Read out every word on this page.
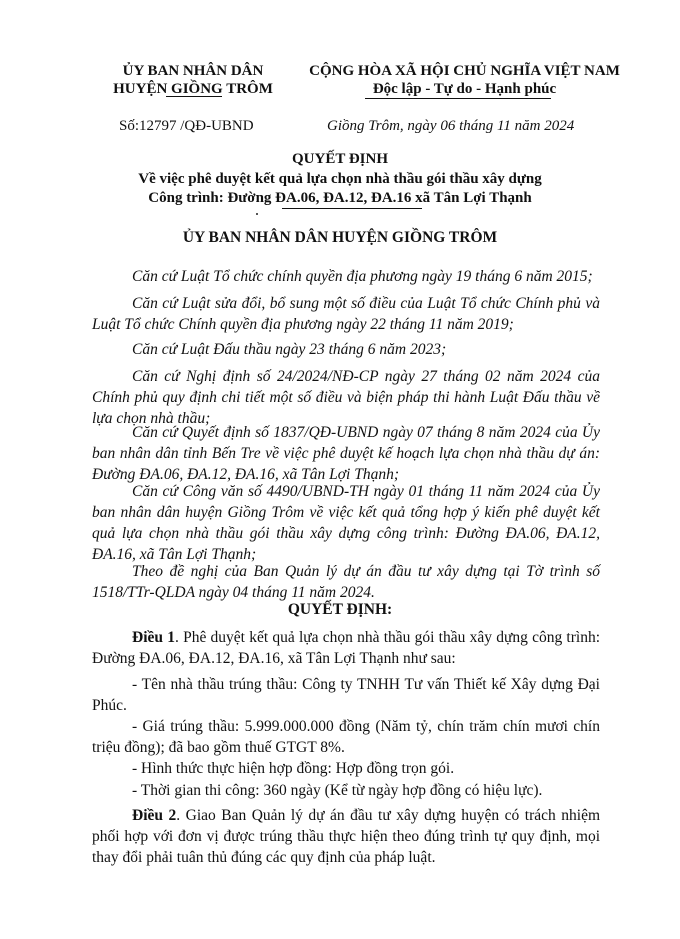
ỦY BAN NHÂN DÂN
HUYỆN GIỒNG TRÔM
CỘNG HÒA XÃ HỘI CHỦ NGHĨA VIỆT NAM
Độc lập - Tự do - Hạnh phúc
Số:12797 /QĐ-UBND	Giồng Trôm, ngày 06 tháng 11 năm 2024
QUYẾT ĐỊNH
Về việc phê duyệt kết quả lựa chọn nhà thầu gói thầu xây dựng
Công trình: Đường ĐA.06, ĐA.12, ĐA.16 xã Tân Lợi Thạnh
ỦY BAN NHÂN DÂN HUYỆN GIỒNG TRÔM
Căn cứ Luật Tổ chức chính quyền địa phương ngày 19 tháng 6 năm 2015;
Căn cứ Luật sửa đổi, bổ sung một số điều của Luật Tổ chức Chính phủ và Luật Tổ chức Chính quyền địa phương ngày 22 tháng 11 năm 2019;
Căn cứ Luật Đấu thầu ngày 23 tháng 6 năm 2023;
Căn cứ Nghị định số 24/2024/NĐ-CP ngày 27 tháng 02 năm 2024 của Chính phủ quy định chi tiết một số điều và biện pháp thi hành Luật Đấu thầu về lựa chọn nhà thầu;
Căn cứ Quyết định số 1837/QĐ-UBND ngày 07 tháng 8 năm 2024 của Ủy ban nhân dân tỉnh Bến Tre về việc phê duyệt kế hoạch lựa chọn nhà thầu dự án: Đường ĐA.06, ĐA.12, ĐA.16, xã Tân Lợi Thạnh;
Căn cứ Công văn số 4490/UBND-TH ngày 01 tháng 11 năm 2024 của Ủy ban nhân dân huyện Giồng Trôm về việc kết quả tổng hợp ý kiến phê duyệt kết quả lựa chọn nhà thầu gói thầu xây dựng công trình: Đường ĐA.06, ĐA.12, ĐA.16, xã Tân Lợi Thạnh;
Theo đề nghị của Ban Quản lý dự án đầu tư xây dựng tại Tờ trình số 1518/TTr-QLDA ngày 04 tháng 11 năm 2024.
QUYẾT ĐỊNH:
Điều 1. Phê duyệt kết quả lựa chọn nhà thầu gói thầu xây dựng công trình: Đường ĐA.06, ĐA.12, ĐA.16, xã Tân Lợi Thạnh như sau:
- Tên nhà thầu trúng thầu: Công ty TNHH Tư vấn Thiết kế Xây dựng Đại Phúc.
- Giá trúng thầu: 5.999.000.000 đồng (Năm tỷ, chín trăm chín mươi chín triệu đồng); đã bao gồm thuế GTGT 8%.
- Hình thức thực hiện hợp đồng: Hợp đồng trọn gói.
- Thời gian thi công: 360 ngày (Kể từ ngày hợp đồng có hiệu lực).
Điều 2. Giao Ban Quản lý dự án đầu tư xây dựng huyện có trách nhiệm phối hợp với đơn vị được trúng thầu thực hiện theo đúng trình tự quy định, mọi thay đổi phải tuân thủ đúng các quy định của pháp luật.
